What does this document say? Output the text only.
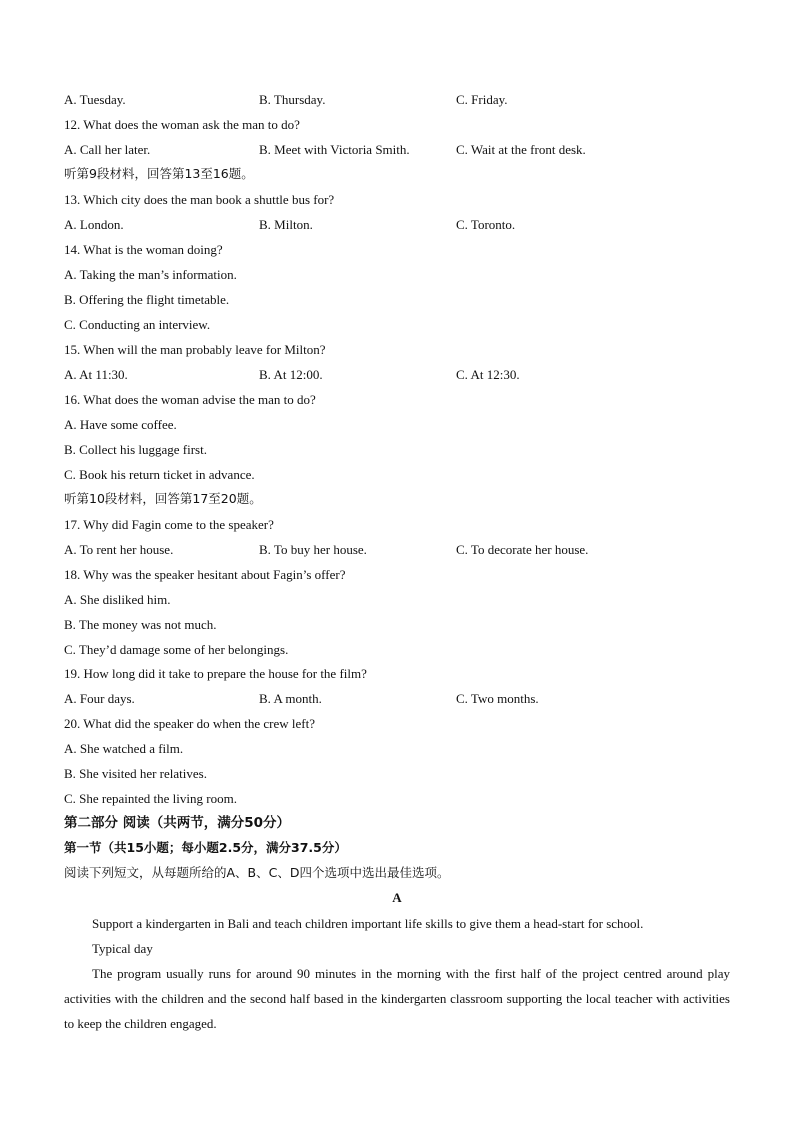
A. Tuesday.	B. Thursday.	C. Friday.
12. What does the woman ask the man to do?
A. Call her later.	B. Meet with Victoria Smith.	C. Wait at the front desk.
听第9段材料，回答第13至16题。
13. Which city does the man book a shuttle bus for?
A. London.	B. Milton.	C. Toronto.
14. What is the woman doing?
A. Taking the man’s information.
B. Offering the flight timetable.
C. Conducting an interview.
15. When will the man probably leave for Milton?
A. At 11:30.	B. At 12:00.	C. At 12:30.
16. What does the woman advise the man to do?
A. Have some coffee.
B. Collect his luggage first.
C. Book his return ticket in advance.
听第10段材料，回答第17至20题。
17. Why did Fagin come to the speaker?
A. To rent her house.	B. To buy her house.	C. To decorate her house.
18. Why was the speaker hesitant about Fagin’s offer?
A. She disliked him.
B. The money was not much.
C. They’d damage some of her belongings.
19. How long did it take to prepare the house for the film?
A. Four days.	B. A month.	C. Two months.
20. What did the speaker do when the crew left?
A. She watched a film.
B. She visited her relatives.
C. She repainted the living room.
第二部分 阅读（共两节，满分50分）
第一节（共15小题；每小题2.5分，满分37.5分）
阅读下列短文，从每题所给的A、B、C、D四个选项中选出最佳选项。
A
Support a kindergarten in Bali and teach children important life skills to give them a head-start for school.
Typical day
The program usually runs for around 90 minutes in the morning with the first half of the project centred around play activities with the children and the second half based in the kindergarten classroom supporting the local teacher with activities to keep the children engaged.
